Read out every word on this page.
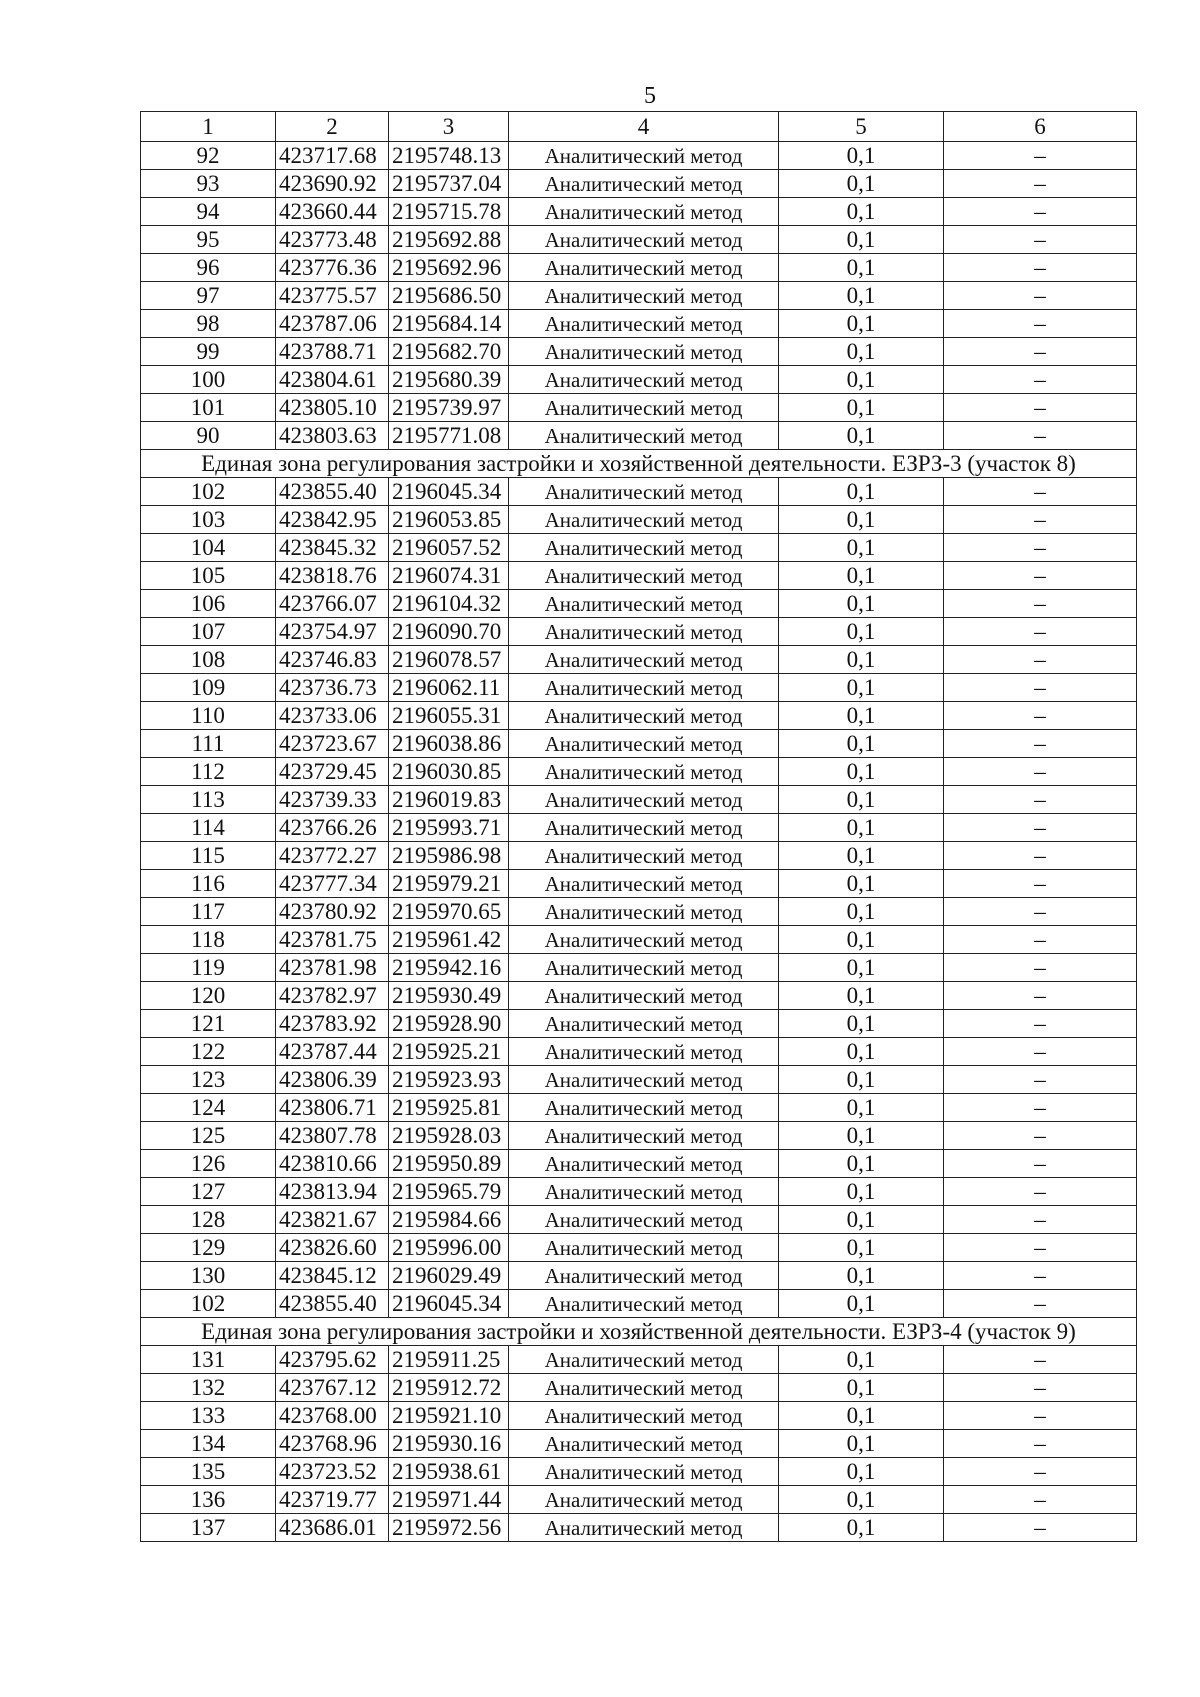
5
1	2	3	4	5	6
92	423717.68	2195748.13	Аналитический метод	0,1	–
93	423690.92	2195737.04	Аналитический метод	0,1	–
94	423660.44	2195715.78	Аналитический метод	0,1	–
95	423773.48	2195692.88	Аналитический метод	0,1	–
96	423776.36	2195692.96	Аналитический метод	0,1	–
97	423775.57	2195686.50	Аналитический метод	0,1	–
98	423787.06	2195684.14	Аналитический метод	0,1	–
99	423788.71	2195682.70	Аналитический метод	0,1	–
100	423804.61	2195680.39	Аналитический метод	0,1	–
101	423805.10	2195739.97	Аналитический метод	0,1	–
90	423803.63	2195771.08	Аналитический метод	0,1	–
Единая зона регулирования застройки и хозяйственной деятельности. ЕЗРЗ-3 (участок 8)					
102	423855.40	2196045.34	Аналитический метод	0,1	–
103	423842.95	2196053.85	Аналитический метод	0,1	–
104	423845.32	2196057.52	Аналитический метод	0,1	–
105	423818.76	2196074.31	Аналитический метод	0,1	–
106	423766.07	2196104.32	Аналитический метод	0,1	–
107	423754.97	2196090.70	Аналитический метод	0,1	–
108	423746.83	2196078.57	Аналитический метод	0,1	–
109	423736.73	2196062.11	Аналитический метод	0,1	–
110	423733.06	2196055.31	Аналитический метод	0,1	–
111	423723.67	2196038.86	Аналитический метод	0,1	–
112	423729.45	2196030.85	Аналитический метод	0,1	–
113	423739.33	2196019.83	Аналитический метод	0,1	–
114	423766.26	2195993.71	Аналитический метод	0,1	–
115	423772.27	2195986.98	Аналитический метод	0,1	–
116	423777.34	2195979.21	Аналитический метод	0,1	–
117	423780.92	2195970.65	Аналитический метод	0,1	–
118	423781.75	2195961.42	Аналитический метод	0,1	–
119	423781.98	2195942.16	Аналитический метод	0,1	–
120	423782.97	2195930.49	Аналитический метод	0,1	–
121	423783.92	2195928.90	Аналитический метод	0,1	–
122	423787.44	2195925.21	Аналитический метод	0,1	–
123	423806.39	2195923.93	Аналитический метод	0,1	–
124	423806.71	2195925.81	Аналитический метод	0,1	–
125	423807.78	2195928.03	Аналитический метод	0,1	–
126	423810.66	2195950.89	Аналитический метод	0,1	–
127	423813.94	2195965.79	Аналитический метод	0,1	–
128	423821.67	2195984.66	Аналитический метод	0,1	–
129	423826.60	2195996.00	Аналитический метод	0,1	–
130	423845.12	2196029.49	Аналитический метод	0,1	–
102	423855.40	2196045.34	Аналитический метод	0,1	–
Единая зона регулирования застройки и хозяйственной деятельности. ЕЗРЗ-4 (участок 9)					
131	423795.62	2195911.25	Аналитический метод	0,1	–
132	423767.12	2195912.72	Аналитический метод	0,1	–
133	423768.00	2195921.10	Аналитический метод	0,1	–
134	423768.96	2195930.16	Аналитический метод	0,1	–
135	423723.52	2195938.61	Аналитический метод	0,1	–
136	423719.77	2195971.44	Аналитический метод	0,1	–
137	423686.01	2195972.56	Аналитический метод	0,1	–
